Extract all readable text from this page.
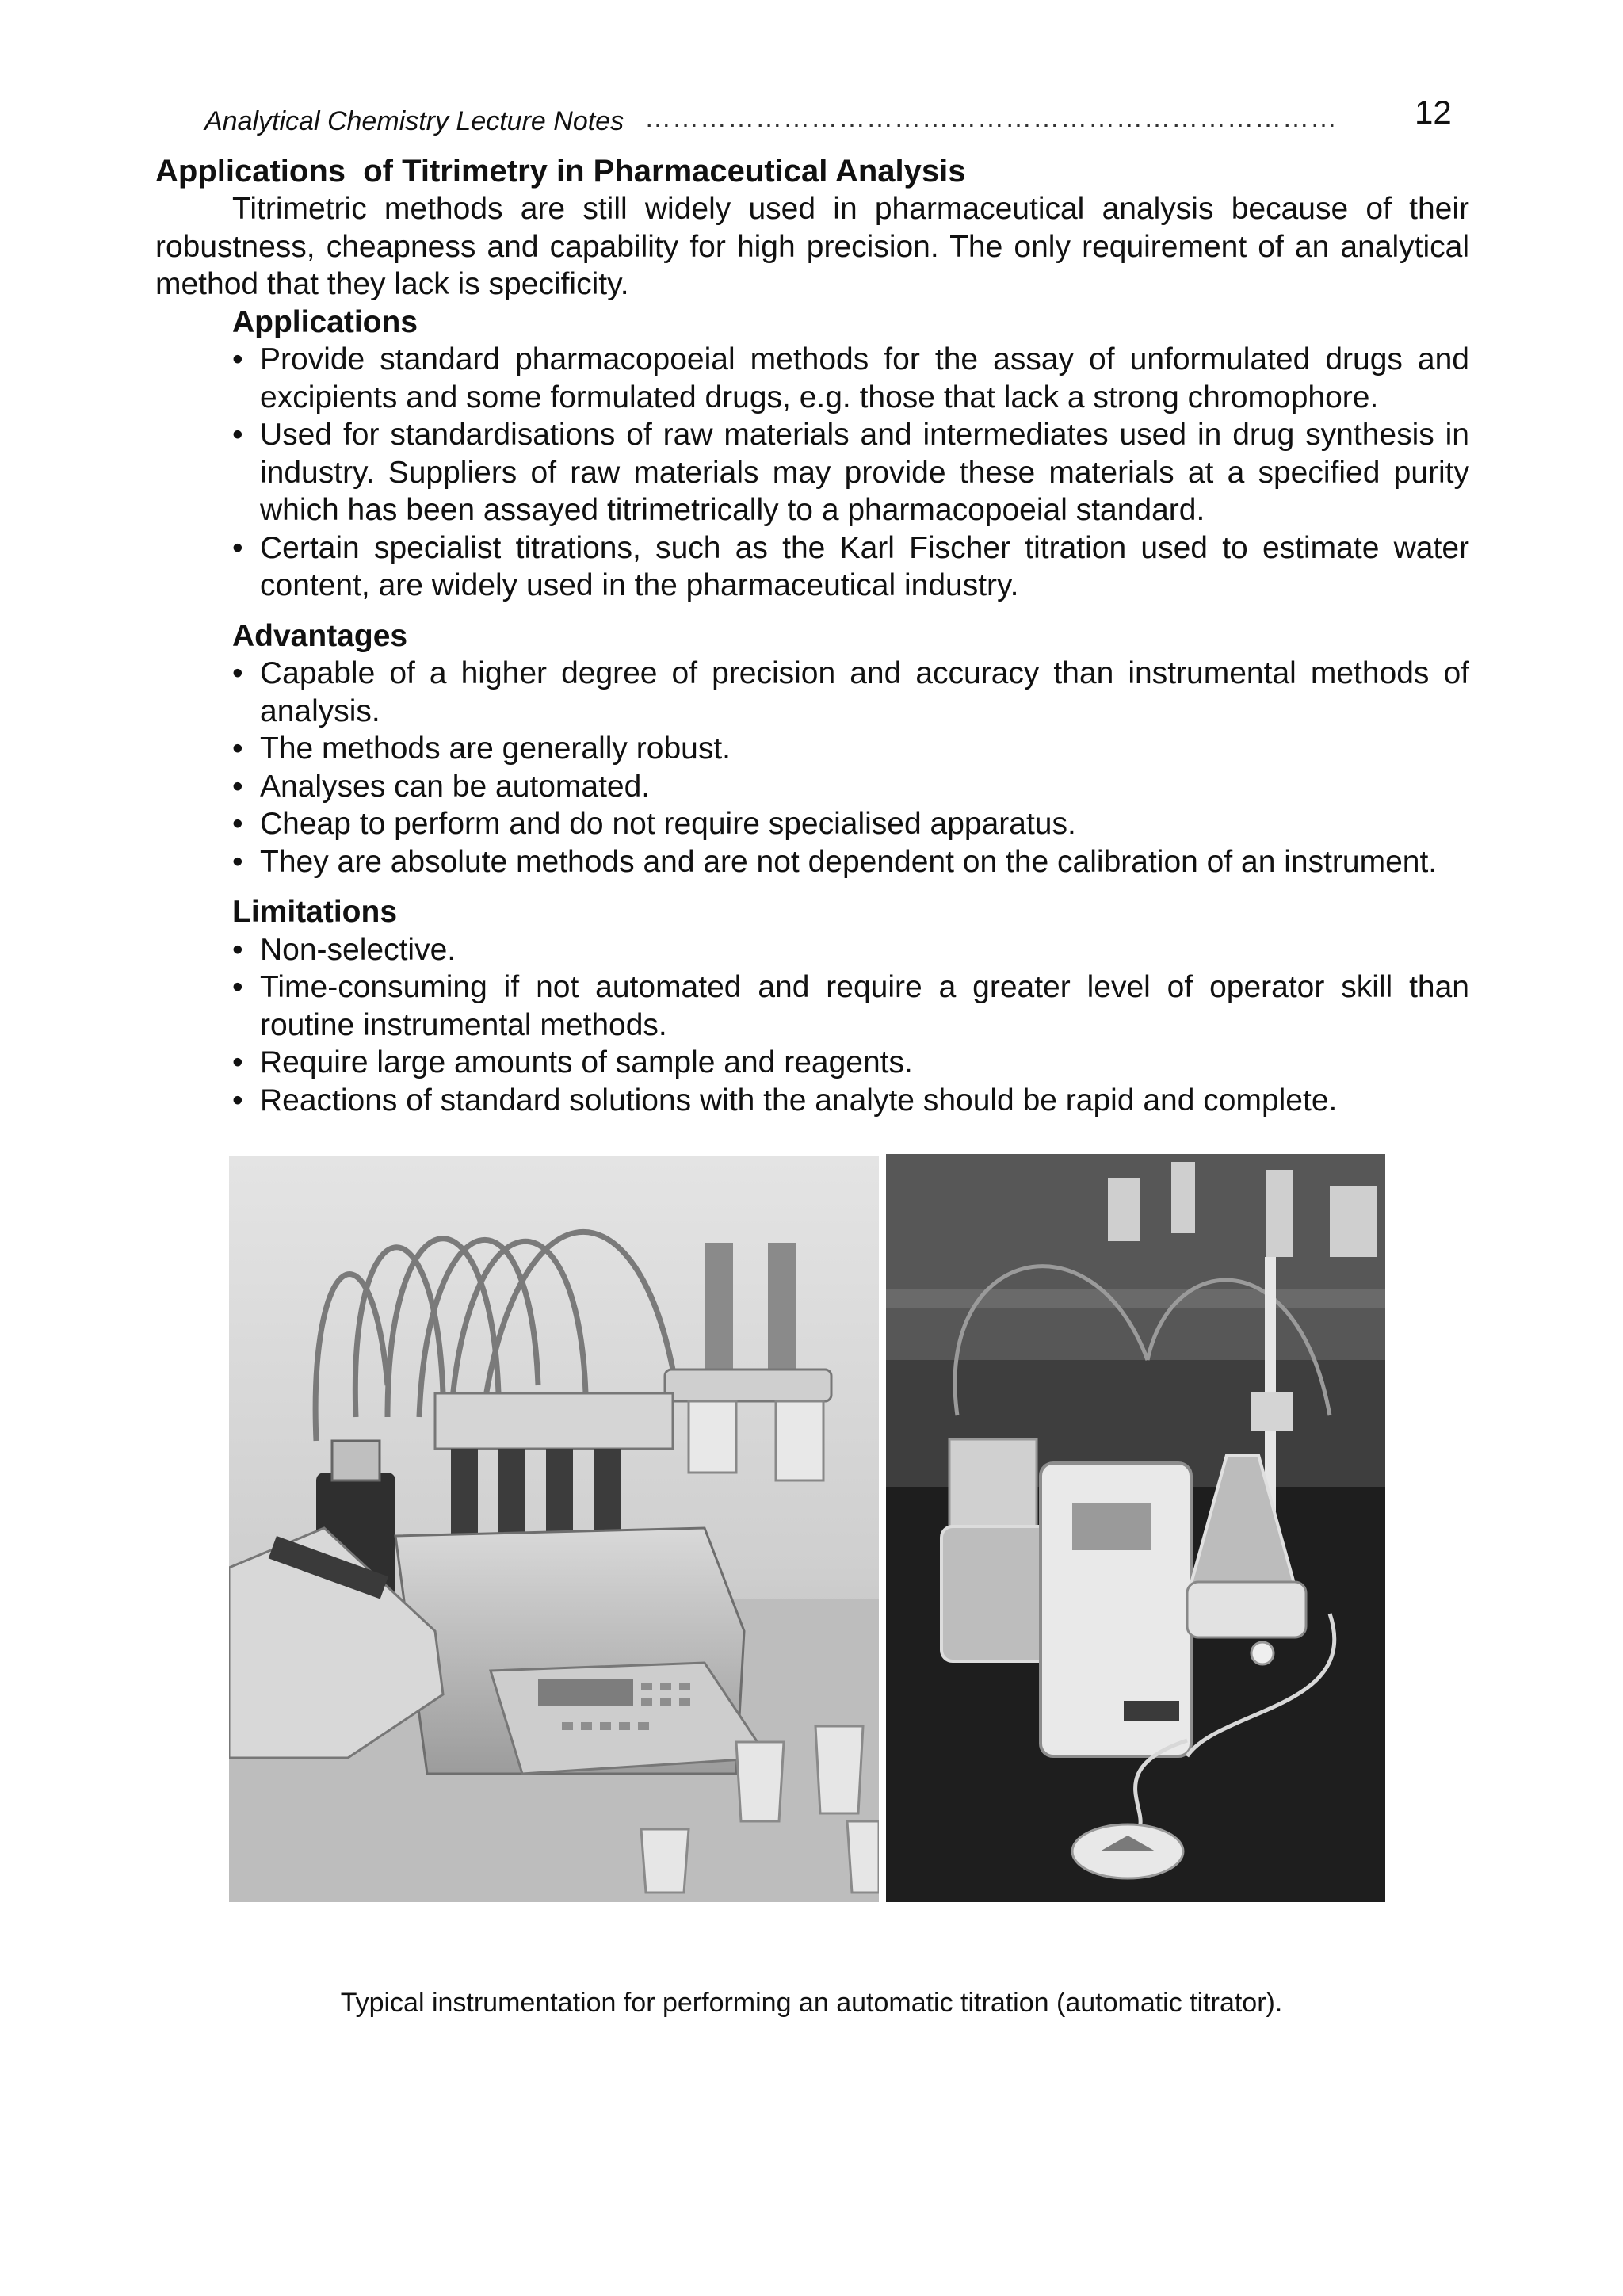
Analytical Chemistry Lecture Notes …………………………………………………………………	12
Applications  of Titrimetry in Pharmaceutical Analysis

Titrimetric methods are still widely used in pharmaceutical analysis because of their robustness, cheapness and capability for high precision. The only requirement of an analytical method that they lack is specificity.

Applications
• Provide standard pharmacopoeial methods for the assay of unformulated drugs and excipients and some formulated drugs, e.g. those that lack a strong chromophore.
• Used for standardisations of raw materials and intermediates used in drug synthesis in industry. Suppliers of raw materials may provide these materials at a specified purity which has been assayed titrimetrically to a pharmacopoeial standard.
• Certain specialist titrations, such as the Karl Fischer titration used to estimate water content, are widely used in the pharmaceutical industry.
Advantages
• Capable of a higher degree of precision and accuracy than instrumental methods of analysis.
• The methods are generally robust.
• Analyses can be automated.
• Cheap to perform and do not require specialised apparatus.
• They are absolute methods and are not dependent on the calibration of an instrument.
Limitations
• Non-selective.
• Time-consuming if not automated and require a greater level of operator skill than routine instrumental methods.
• Require large amounts of sample and reagents.
• Reactions of standard solutions with the analyte should be rapid and complete.
Typical instrumentation for performing an automatic titration (automatic titrator).
